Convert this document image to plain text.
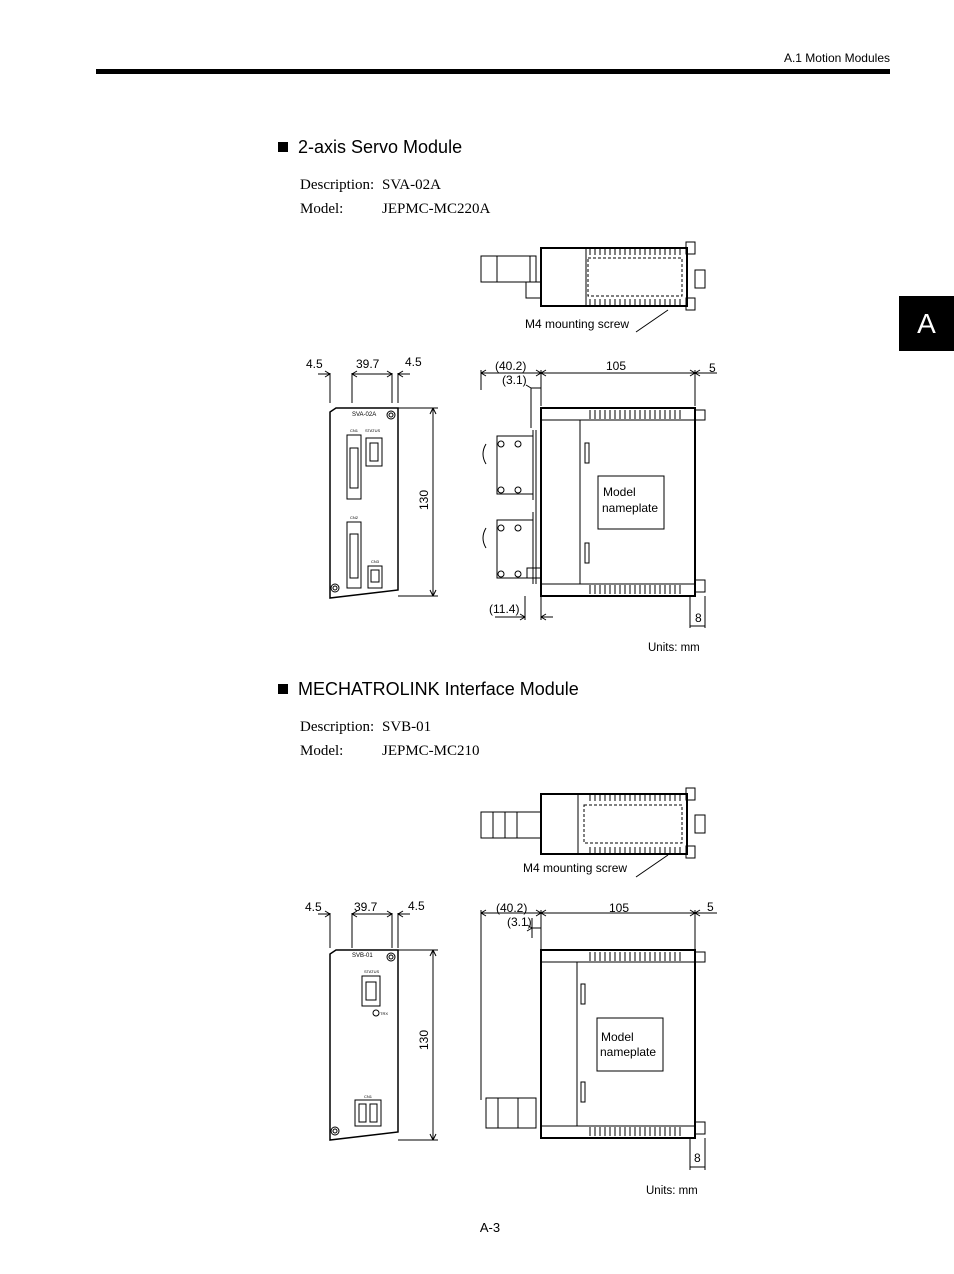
A.1 Motion Modules
A
2-axis Servo Module
Description: SVA-02A
Model:	JEPMC-MC220A
4.5	39.7 4.5
130
(40.2)
(3.1)
105	5
(11.4)
8
M4 mounting screw
Model
nameplate
Units: mm
SVA-02A
CN1 STATUS
CN2
CN3
4.5	39.7	4.5
130
(40.2)
(3.1)
105	5
8
M4 mounting screw
Model
nameplate
Units: mm
SVB-01
STATUS
TRX
CN1
MECHATROLINK Interface Module
Description: SVB-01
Model:	JEPMC-MC210
A-3
